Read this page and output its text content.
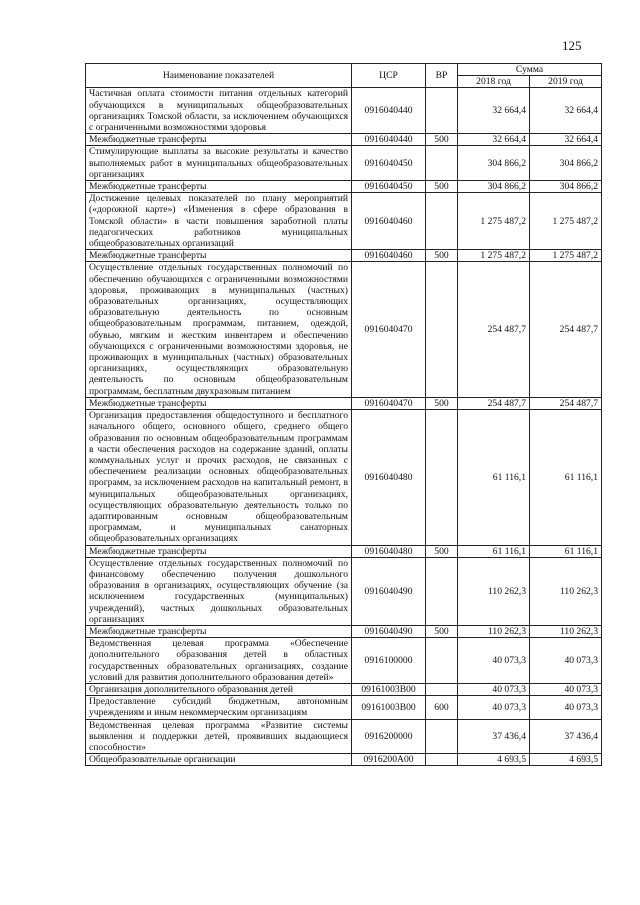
125
Наименование показателей	ЦСР	ВР	Сумма	
			2018 год	2019 год
Частичная оплата стоимости питания отдельных категорий обучающихся в муниципальных общеобразовательных организациях Томской области, за исключением обучающихся с ограниченными возможностями здоровья	0916040440		32 664,4	32 664,4
Межбюджетные трансферты	0916040440	500	32 664,4	32 664,4
Стимулирующие выплаты за высокие результаты и качество выполняемых работ в муниципальных общеобразовательных организациях	0916040450		304 866,2	304 866,2
Межбюджетные трансферты	0916040450	500	304 866,2	304 866,2
Достижение целевых показателей по плану мероприятий («дорожной карте») «Изменения в сфере образования в Томской области» в части повышения заработной платы педагогических работников муниципальных общеобразовательных организаций	0916040460		1 275 487,2	1 275 487,2
Межбюджетные трансферты	0916040460	500	1 275 487,2	1 275 487,2
Осуществление отдельных государственных полномочий по обеспечению обучающихся с ограниченными возможностями здоровья, проживающих в муниципальных (частных) образовательных организациях, осуществляющих образовательную деятельность по основным общеобразовательным программам, питанием, одеждой, обувью, мягким и жестким инвентарем и обеспечению обучающихся с ограниченными возможностями здоровья, не проживающих в муниципальных (частных) образовательных организациях, осуществляющих образовательную деятельность по основным общеобразовательным программам, бесплатным двухразовым питанием	0916040470		254 487,7	254 487,7
Межбюджетные трансферты	0916040470	500	254 487,7	254 487,7
Организация предоставления общедоступного и бесплатного начального общего, основного общего, среднего общего образования по основным общеобразовательным программам в части обеспечения расходов на содержание зданий, оплаты коммунальных услуг и прочих расходов, не связанных с обеспечением реализации основных общеобразовательных программ, за исключением расходов на капитальный ремонт, в муниципальных общеобразовательных организациях, осуществляющих образовательную деятельность только по адаптированным основным общеобразовательным программам, и муниципальных санаторных общеобразовательных организациях	0916040480		61 116,1	61 116,1
Межбюджетные трансферты	0916040480	500	61 116,1	61 116,1
Осуществление отдельных государственных полномочий по финансовому обеспечению получения дошкольного образования в организациях, осуществляющих обучение (за исключением государственных (муниципальных) учреждений), частных дошкольных образовательных организациях	0916040490		110 262,3	110 262,3
Межбюджетные трансферты	0916040490	500	110 262,3	110 262,3
Ведомственная целевая программа «Обеспечение дополнительного образования детей в областных государственных образовательных организациях, создание условий для развития дополнительного образования детей»	0916100000		40 073,3	40 073,3
Организация дополнительного образования детей	09161003В00		40 073,3	40 073,3
Предоставление субсидий бюджетным, автономным учреждениям и иным некоммерческим организациям	09161003В00	600	40 073,3	40 073,3
Ведомственная целевая программа «Развитие системы выявления и поддержки детей, проявивших выдающиеся способности»	0916200000		37 436,4	37 436,4
Общеобразовательные организации	0916200А00		4 693,5	4 693,5
